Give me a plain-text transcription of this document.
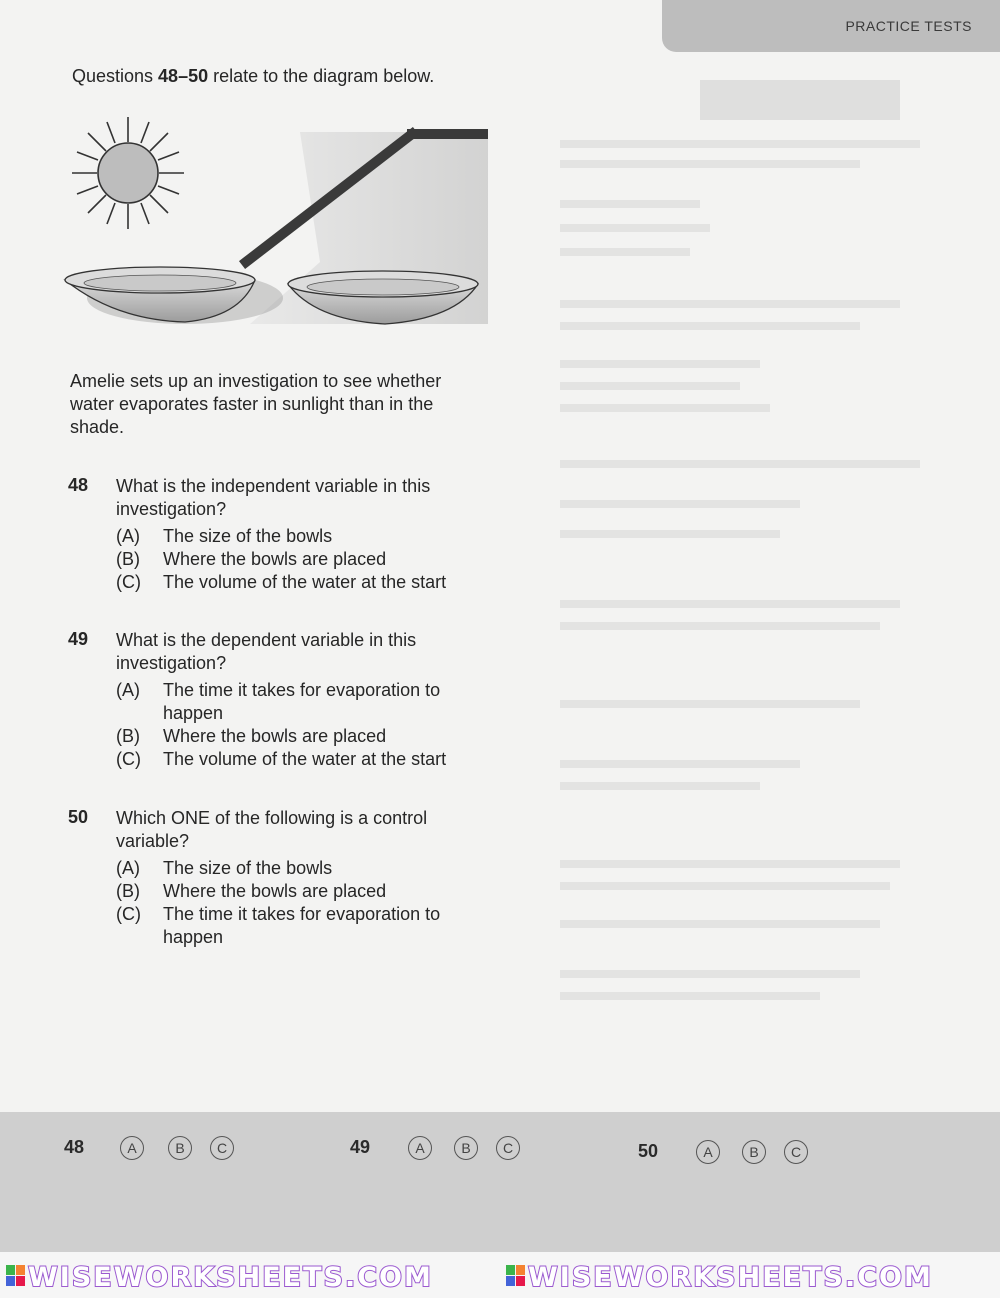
PRACTICE TESTS
Questions 48–50 relate to the diagram below.
Amelie sets up an investigation to see whether water evaporates faster in sunlight than in the shade.
48 What is the independent variable in this investigation?
(A) The size of the bowls
(B) Where the bowls are placed
(C) The volume of the water at the start
49 What is the dependent variable in this investigation?
(A) The time it takes for evaporation to happen
(B) Where the bowls are placed
(C) The volume of the water at the start
50 Which ONE of the following is a control variable?
(A) The size of the bowls
(B) Where the bowls are placed
(C) The time it takes for evaporation to happen
48	A	B	C	49	A	B	C	50	A	B	C
WISEWORKSHEETS.COM	WISEWORKSHEETS.COM
